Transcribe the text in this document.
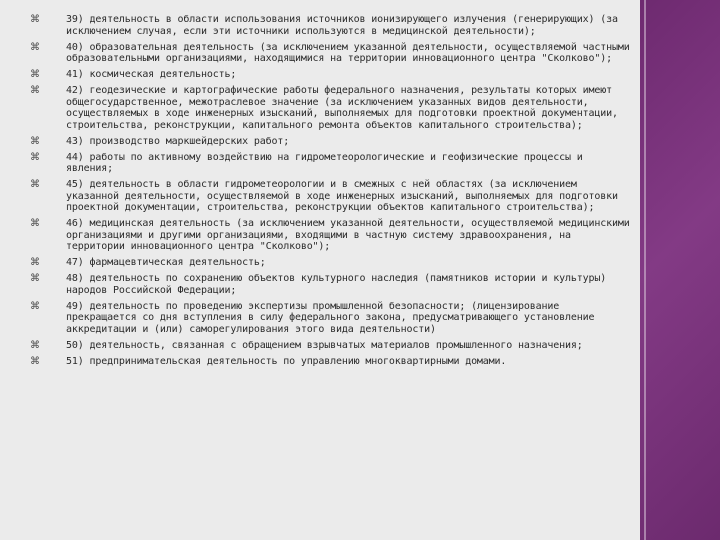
⌘	39) деятельность в области использования источников ионизирующего излучения (генерирующих) (за исключением случая, если эти источники используются в медицинской деятельности);
⌘	40) образовательная деятельность (за исключением указанной деятельности, осуществляемой частными образовательными организациями, находящимися на территории инновационного центра "Сколково");
⌘	41) космическая деятельность;
⌘	42) геодезические и картографические работы федерального назначения, результаты которых имеют общегосударственное, межотраслевое значение (за исключением указанных видов деятельности, осуществляемых в ходе инженерных изысканий, выполняемых для подготовки проектной документации, строительства, реконструкции, капитального ремонта объектов капитального строительства);
⌘	43) производство маркшейдерских работ;
⌘	44) работы по активному воздействию на гидрометеорологические и геофизические процессы и явления;
⌘	45) деятельность в области гидрометеорологии и в смежных с ней областях (за исключением указанной деятельности, осуществляемой в ходе инженерных изысканий, выполняемых для подготовки проектной документации, строительства, реконструкции объектов капитального строительства);
⌘	46) медицинская деятельность (за исключением указанной деятельности, осуществляемой медицинскими организациями и другими организациями, входящими в частную систему здравоохранения, на территории инновационного центра "Сколково");
⌘	47) фармацевтическая деятельность;
⌘	48) деятельность по сохранению объектов культурного наследия (памятников истории и культуры) народов Российской Федерации;
⌘	49) деятельность по проведению экспертизы промышленной безопасности; (лицензирование прекращается со дня вступления в силу федерального закона, предусматривающего установление аккредитации и (или) саморегулирования этого вида деятельности)
⌘	50) деятельность, связанная с обращением взрывчатых материалов промышленного назначения;
⌘	51) предпринимательская деятельность по управлению многоквартирными домами.
